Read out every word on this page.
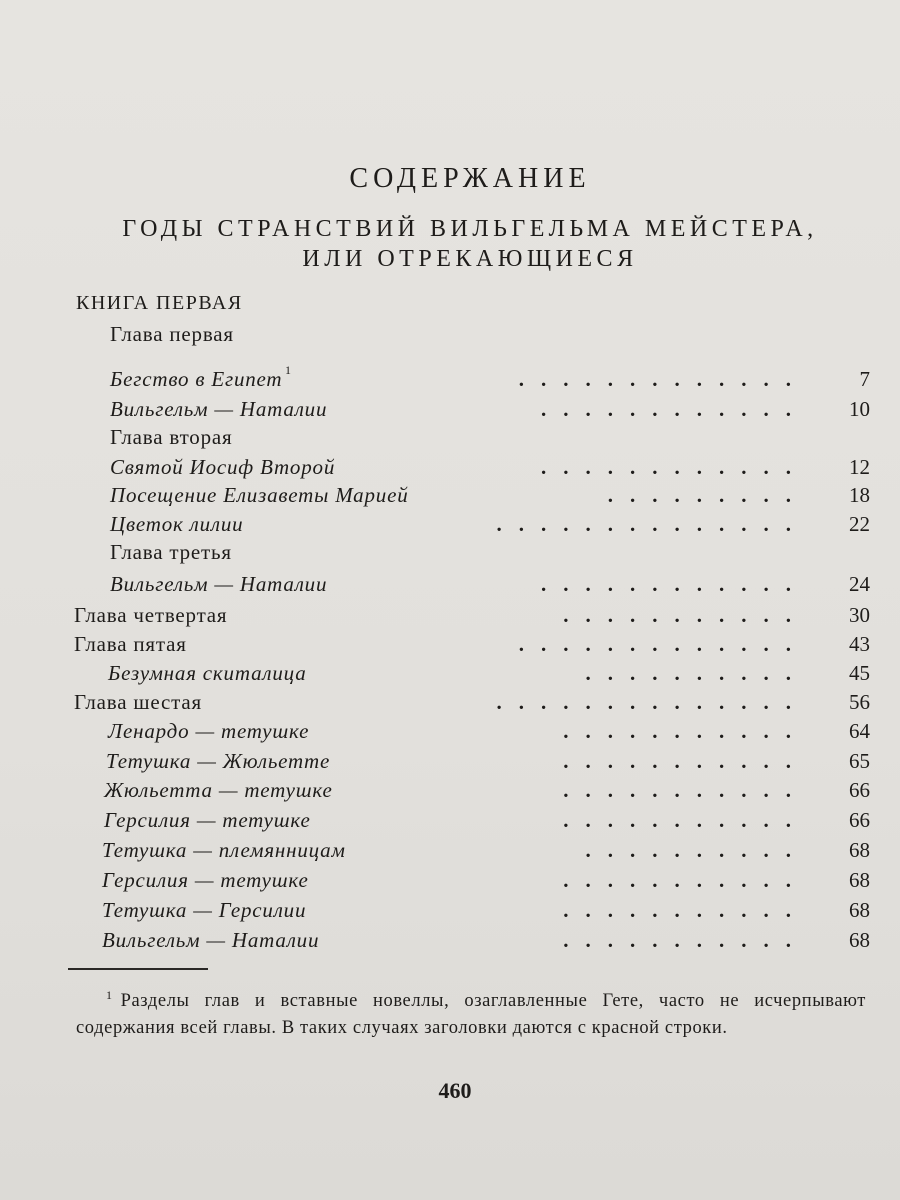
СОДЕРЖАНИЕ
ГОДЫ СТРАНСТВИЙ ВИЛЬГЕЛЬМА МЕЙСТЕРА,
ИЛИ ОТРЕКАЮЩИЕСЯ
КНИГА ПЕРВАЯ
Глава первая
Бегство в Египет 1	.............	7
Вильгельм — Наталии	............	10
Глава вторая
Святой Иосиф Второй	............	12
Посещение Елизаветы Марией	.........	18
Цветок лилии	..............	22
Глава третья
Вильгельм — Наталии	............	24
Глава четвертая	...........	30
Глава пятая	.............	43
Безумная скиталица	..........	45
Глава шестая	..............	56
Ленардо — тетушке	...........	64
Тетушка — Жюльетте	...........	65
Жюльетта — тетушке	...........	66
Герсилия — тетушке	...........	66
Тетушка — племянницам	..........	68
Герсилия — тетушке	...........	68
Тетушка — Герсилии	...........	68
Вильгельм — Наталии	...........	68
$^1$ Разделы глав и вставные новеллы, озаглавленные Гете, часто не исчерпывают содержания всей главы. В таких случаях заголовки даются с красной строки.
460
